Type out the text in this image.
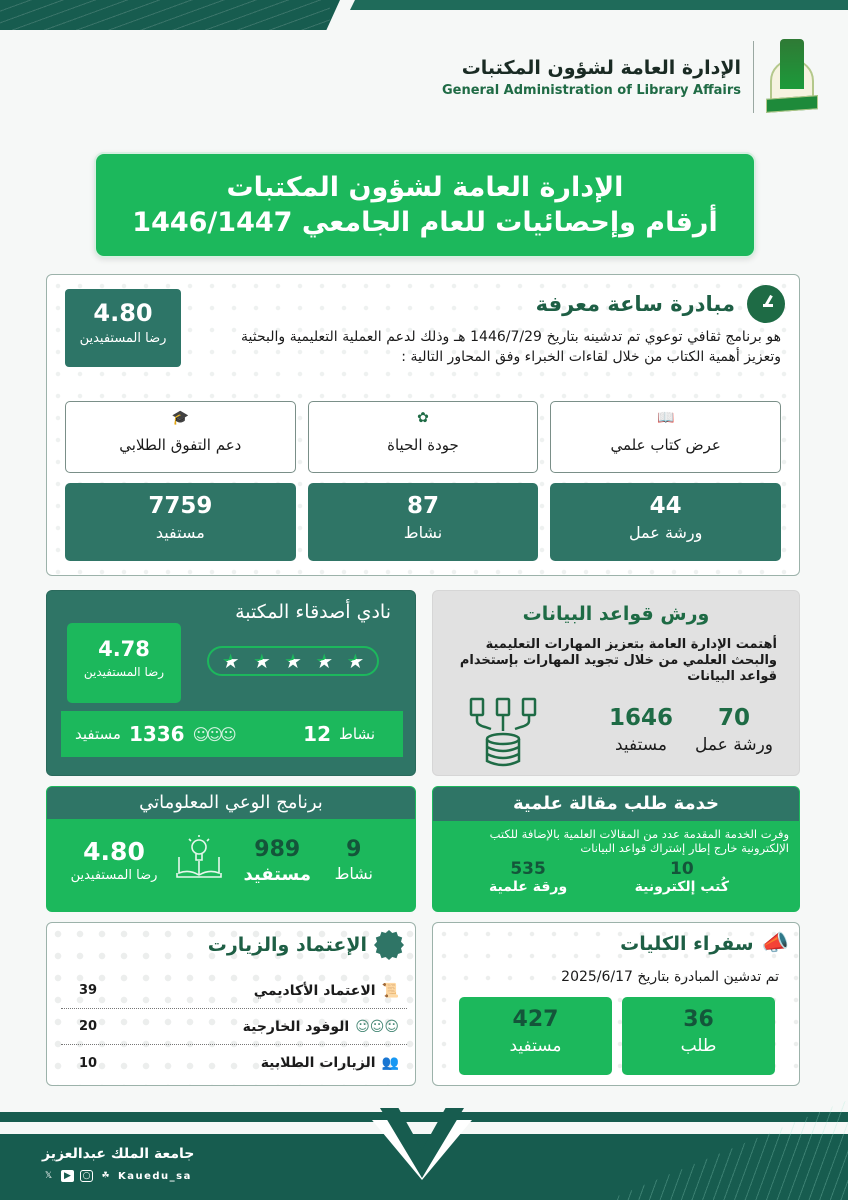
الإدارة العامة لشؤون المكتبات
General Administration of Library Affairs
الإدارة العامة لشؤون المكتبات
أرقام وإحصائيات للعام الجامعي 1446/1447
4.80
رضا المستفيدين
مبادرة ساعة معرفة
هو برنامج ثقافي توعوي تم تدشينه بتاريخ 1446/7/29 هـ وذلك لدعم العملية التعليمية والبحثية وتعزيز أهمية الكتاب من خلال لقاءات الخبراء وفق المحاور التالية :
📖
عرض كتاب علمي
✿
جودة الحياة
🎓
دعم التفوق الطلابي
44
ورشة عمل
87
نشاط
7759
مستفيد
نادي أصدقاء المكتبة
4.78
رضا المستفيدين	★ ★ ★ ★ ★
مستفيد 1336 ☺☺☺	12 نشاط
ورش قواعد البيانات
أهتمت الإدارة العامة بتعزيز المهارات التعليمية والبحث العلمي من خلال تجويد المهارات بإستخدام قواعد البيانات
70
ورشة عمل
1646
مستفيد
برنامج الوعي المعلوماتي
9
نشاط
989
مستفيد
4.80
رضا المستفيدين
خدمة طلب مقالة علمية
وفرت الخدمة المقدمة عدد من المقالات العلمية بالإضافة للكتب الإلكترونية خارج إطار إشتراك قواعد البيانات
10
كُتب إلكترونية
535
ورقة علمية
الإعتماد والزيارت
39	📜
الاعتماد الأكاديمي
20	☺☺☺
الوفود الخارجية
10	👥
الزيارات الطلابية
📣
سفراء الكليات
تم تدشين المبادرة بتاريخ 2025/6/17
36
طلب
427
مستفيد
جامعة الملك عبدالعزيز
𝕏	▶	○ ☘ Kauedu_sa
